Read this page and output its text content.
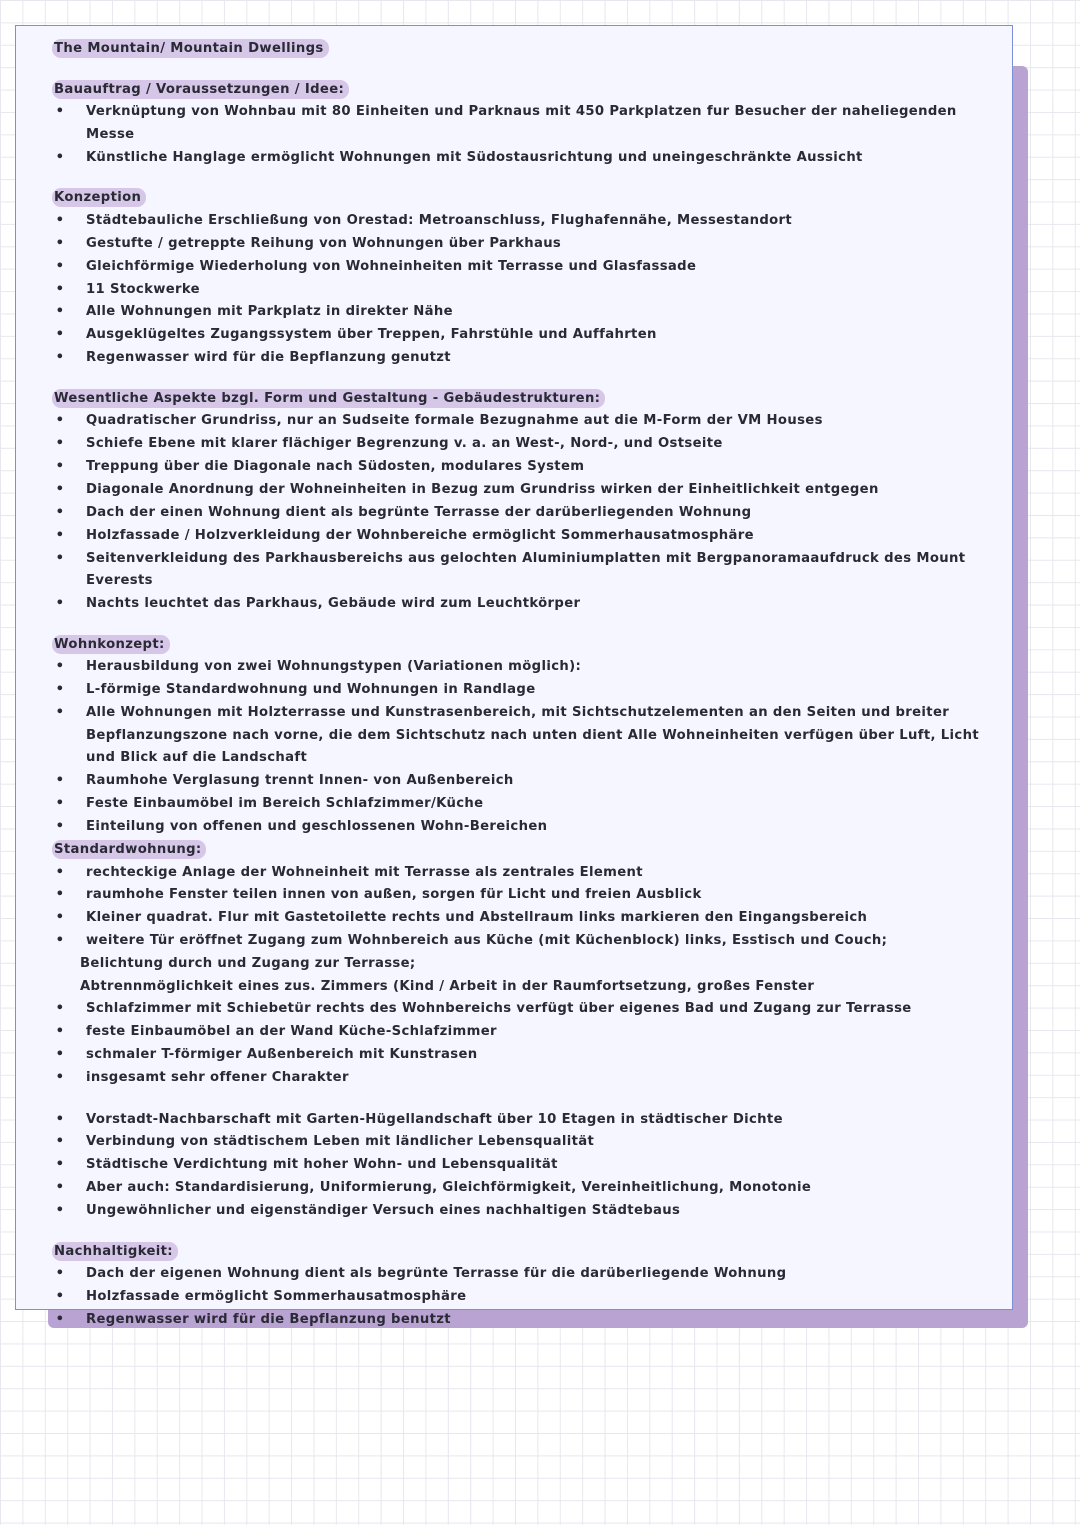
The Mountain/ Mountain Dwellings
Bauauftrag / Voraussetzungen / Idee:
• Verknüptung von Wohnbau mit 80 Einheiten und Parknaus mit 450 Parkplatzen fur Besucher der naheliegenden Messe
• Künstliche Hanglage ermöglicht Wohnungen mit Südostausrichtung und uneingeschränkte Aussicht
Konzeption
• Städtebauliche Erschließung von Orestad: Metroanschluss, Flughafennähe, Messestandort
• Gestufte / getreppte Reihung von Wohnungen über Parkhaus
• Gleichförmige Wiederholung von Wohneinheiten mit Terrasse und Glasfassade
• 11 Stockwerke
• Alle Wohnungen mit Parkplatz in direkter Nähe
• Ausgeklügeltes Zugangssystem über Treppen, Fahrstühle und Auffahrten
• Regenwasser wird für die Bepflanzung genutzt
Wesentliche Aspekte bzgl. Form und Gestaltung - Gebäudestrukturen:
• Quadratischer Grundriss, nur an Sudseite formale Bezugnahme aut die M-Form der VM Houses
• Schiefe Ebene mit klarer flächiger Begrenzung v. a. an West-, Nord-, und Ostseite
• Treppung über die Diagonale nach Südosten, modulares System
• Diagonale Anordnung der Wohneinheiten in Bezug zum Grundriss wirken der Einheitlichkeit entgegen
• Dach der einen Wohnung dient als begrünte Terrasse der darüberliegenden Wohnung
• Holzfassade / Holzverkleidung der Wohnbereiche ermöglicht Sommerhausatmosphäre
• Seitenverkleidung des Parkhausbereichs aus gelochten Aluminiumplatten mit Bergpanoramaaufdruck des Mount Everests
• Nachts leuchtet das Parkhaus, Gebäude wird zum Leuchtkörper
Wohnkonzept:
• Herausbildung von zwei Wohnungstypen (Variationen möglich):
• L-förmige Standardwohnung und Wohnungen in Randlage
• Alle Wohnungen mit Holzterrasse und Kunstrasenbereich, mit Sichtschutzelementen an den Seiten und breiter Bepflanzungszone nach vorne, die dem Sichtschutz nach unten dient Alle Wohneinheiten verfügen über Luft, Licht und Blick auf die Landschaft
• Raumhohe Verglasung trennt Innen- von Außenbereich
• Feste Einbaumöbel im Bereich Schlafzimmer/Küche
• Einteilung von offenen und geschlossenen Wohn-Bereichen
Standardwohnung:
• rechteckige Anlage der Wohneinheit mit Terrasse als zentrales Element
• raumhohe Fenster teilen innen von außen, sorgen für Licht und freien Ausblick
• Kleiner quadrat. Flur mit Gastetoilette rechts und Abstellraum links markieren den Eingangsbereich
• weitere Tür eröffnet Zugang zum Wohnbereich aus Küche (mit Küchenblock) links, Esstisch und Couch;
Belichtung durch und Zugang zur Terrasse;
Abtrennmöglichkeit eines zus. Zimmers (Kind / Arbeit in der Raumfortsetzung, großes Fenster
• Schlafzimmer mit Schiebetür rechts des Wohnbereichs verfügt über eigenes Bad und Zugang zur Terrasse
• feste Einbaumöbel an der Wand Küche-Schlafzimmer
• schmaler T-förmiger Außenbereich mit Kunstrasen
• insgesamt sehr offener Charakter
• Vorstadt-Nachbarschaft mit Garten-Hügellandschaft über 10 Etagen in städtischer Dichte
• Verbindung von städtischem Leben mit ländlicher Lebensqualität
• Städtische Verdichtung mit hoher Wohn- und Lebensqualität
• Aber auch: Standardisierung, Uniformierung, Gleichförmigkeit, Vereinheitlichung, Monotonie
• Ungewöhnlicher und eigenständiger Versuch eines nachhaltigen Städtebaus
Nachhaltigkeit:
• Dach der eigenen Wohnung dient als begrünte Terrasse für die darüberliegende Wohnung
• Holzfassade ermöglicht Sommerhausatmosphäre
• Regenwasser wird für die Bepflanzung benutzt
